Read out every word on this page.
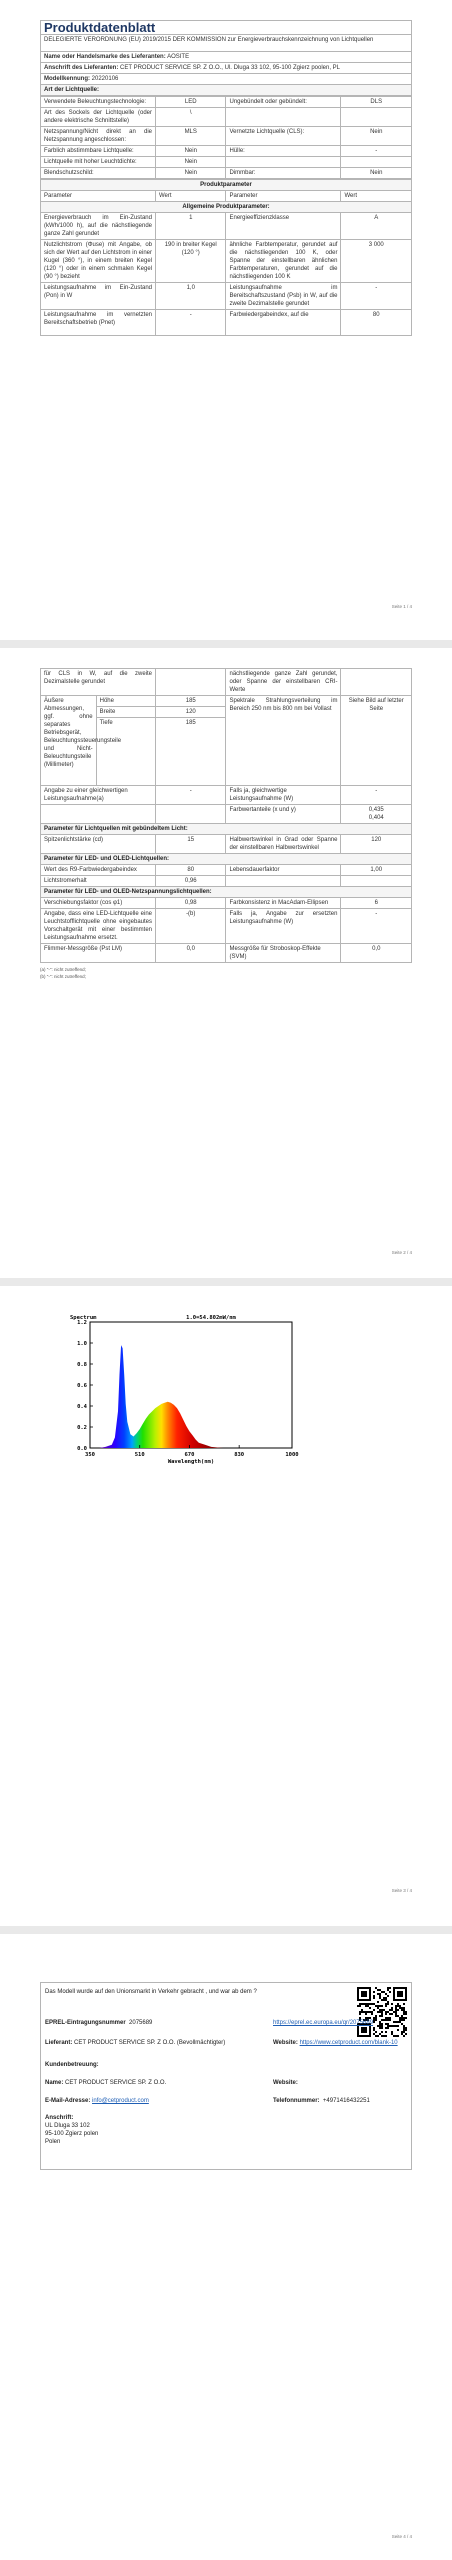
Produktdatenblatt
DELEGIERTE VERORDNUNG (EU) 2019/2015 DER KOMMISSION zur Energieverbrauchskennzeichnung von Lichtquellen
Name oder Handelsmarke des Lieferanten: AOSITE
Anschrift des Lieferanten: CET PRODUCT SERVICE SP. Z O.O., Ul. Dluga 33 102, 95-100 Zgierz poolen, PL
Modellkennung: 20220106
Art der Lichtquelle:
Verwendete Beleuchtungstechnologie:	LED	Ungebündelt oder gebündelt:	DLS
Art des Sockels der Lichtquelle (oder andere elektrische Schnittstelle)	\		
Netzspannung/Nicht direkt an die Netzspannung angeschlossen:	MLS	Vernetzte Lichtquelle (CLS):	Nein
Farblich abstimmbare Lichtquelle:	Nein	Hülle:	-
Lichtquelle mit hoher Leuchtdichte:	Nein		
Blendschutzschild:	Nein	Dimmbar:	Nein
Produktparameter			
Parameter	Wert	Parameter	Wert
Allgemeine Produktparameter:			
Energieverbrauch im Ein-Zustand (kWh/1000 h), auf die nächstliegende ganze Zahl gerundet	1	Energieeffizienzklasse	A
Nutzlichtstrom (Φuse) mit Angabe, ob sich der Wert auf den Lichtstrom in einer Kugel (360 °), in einem breiten Kegel (120 °) oder in einem schmalen Kegel (90 °) bezieht	190 in breiter Kegel (120 °)	ähnliche Farbtemperatur, gerundet auf die nächstliegenden 100 K, oder Spanne der einstellbaren ähnlichen Farbtemperaturen, gerundet auf die nächstliegenden 100 K	3 000
Leistungsaufnahme im Ein-Zustand (Pon) in W	1,0	Leistungsaufnahme im Bereitschaftszustand (Psb) in W, auf die zweite Dezimalstelle gerundet	-
Leistungsaufnahme im vernetzten Bereitschaftsbetrieb (Pnet)	-	Farbwiedergabeindex, auf die	80
Seite 1 / 4
für CLS in W, auf die zweite Dezimalstelle gerundet			nächstliegende ganze Zahl gerundet, oder Spanne der einstellbaren CRI-Werte	
Äußere Abmessungen, ggf. ohne separates Betriebsgerät, Beleuchtungssteuerungsteile und Nicht-Beleuchtungsteile (Millimeter)	Höhe	185	Spektrale Strahlungsverteilung im Bereich 250 nm bis 800 nm bei Vollast	Siehe Bild auf letzter Seite
	Breite	120		
	Tiefe	185		
Angabe zu einer gleichwertigen Leistungsaufnahme(a)		-	Falls ja, gleichwertige Leistungsaufnahme (W)	-
			Farbwertanteile (x und y)	0,435
0,404
Parameter für Lichtquellen mit gebündeltem Licht:				
Spitzenlichtstärke (cd)		15	Halbwertswinkel in Grad oder Spanne der einstellbaren Halbwertswinkel	120
Parameter für LED- und OLED-Lichtquellen:				
Wert des R9-Farbwiedergabeindex		80	Lebensdauerfaktor	1,00
Lichtstromerhalt		0,96		
Parameter für LED- und OLED-Netzspannungslichtquellen:				
Verschiebungsfaktor (cos φ1)		0,98	Farbkonsistenz in MacAdam-Ellipsen	6
Angabe, dass eine LED-Lichtquelle eine Leuchtstofflichtquelle ohne eingebautes Vorschaltgerät mit einer bestimmten Leistungsaufnahme ersetzt.		-(b)	Falls ja, Angabe zur ersetzten Leistungsaufnahme (W)	-
Flimmer-Messgröße (Pst LM)		0,0	Messgröße für Stroboskop-Effekte (SVM)	0,0
(a) "-": nicht zutreffend;
(b) "-": nicht zutreffend;
Seite 2 / 4
0.0
0.2
0.4
0.6
0.8
1.0
1.2
350	510	670	830	1000
1.0=54.802mW/nm
Spectrum
Wavelength(nm)
Seite 3 / 4
Das Modell wurde auf den Unionsmarkt in Verkehr gebracht , und war ab dem ?
EPREL-Eintragungsnummer 2075689	https://eprel.ec.europa.eu/qr/2075689
Lieferant: CET PRODUCT SERVICE SP. Z O.O. (Bevollmächtigter)	Website: https://www.cetproduct.com/blank-10
Kundenbetreuung:
Name: CET PRODUCT SERVICE SP. Z O.O.	Website:
E-Mail-Adresse: info@cetproduct.com	Telefonnummer: +4971416432251
Anschrift:
UL Dluga 33 102
95-100 Zgierz polen
Polen
Seite 4 / 4
